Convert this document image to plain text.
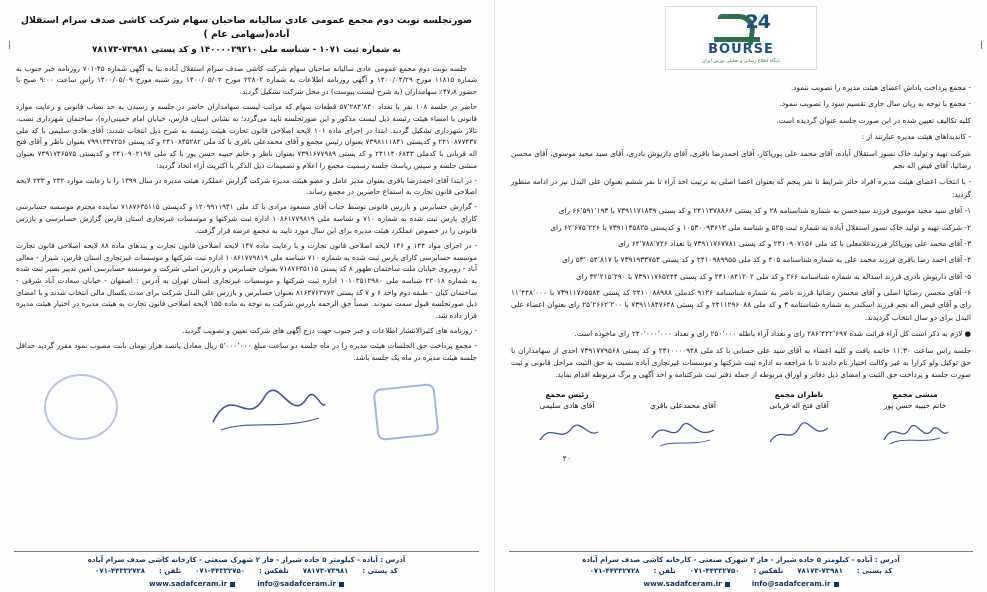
24
BOURSE
پایگاه اطلاع رسانی و تحلیلی بورس ایران
|
- مجمع پرداخت پاداش اعضای هیئت مدیره را تصویب ننمود.
- مجمع با توجه به زیان سال جاری تقسیم سود را تصویب ننمود.
کلیه تکالیف تعیین شده در این صورت جلسه عنوان گردیده است.
- کاندیداهای هیئت مدیره عبارتند از :
شرکت تهیه و تولید خاک نسوز استقلال آباده، آقای محمد علی پورپاکار، آقای احمدرضا باقری، آقای داریوش نادری، آقای سید مجید موسوی، آقای محسن رضائیا، آقای فیض اله نجم
- با انتخاب اعضای هیئت مدیره افراد حائز شرایط تا نفر پنجم که بعنوان اعضا اصلی به ترتیب اخذ آراء تا نفر ششم بعنوان علی البدل نیز در ادامه منظور گردید:
۱- آقای سید مجید موسوی فرزند سیدحسن به شماره شناسنامه ۲۸ و کد پستی ۲۴۱۱۳۷۸۸۶۶ و کد پستی ۷۳۹۱۱۷۱۸۳۹ با ۶۶٬۵۹۱٬۱۹۳ رای
۲- شرکت تهیه و تولید خاک نسوز استقلال آباده به شماره ثبت ۵۲۵ و شناسه ملی ۱۰۵۳۰۰۹۳۶۱۳ و کدپستی ۷۳۹۱۱۳۵۸۲۵ با ۶۲٬۶۷۵٬۲۲۶ رای
۳- آقای محمد علی پورپاکار فرزندغلامعلی با کد ملی ۲۴۱۰۹۰۷۱۵۶ و کد پستی ۷۳۹۱۱۷۶۷۷۸۱ با تعداد ۶۴٬۷۸۸٬۷۲۶ رای
۴- آقای احمد رضا باقری فرزند محمد علی به شماره شناسنامه ۴۰۵ و کد ملی ۲۴۱۰۹۸۹۹۵۵ و کد پستی ۷۳۹۱۹۳۳۷۵۳ با ۵۳٬۰۵۴٬۸۱۷ رای
۵- آقای داریوش نادری فرزند اسداله به شماره شناسنامه ۲۶۶ و کد ملی ۲۴۱۰۸۴۱۲۰۲ و کد پستی ۷۳۹۱۱۷۶۵۲۴۴ با ۳۲٬۲۱۵٬۲۹۰ رای
۶- آقای محسن رضائیا اصلی و آقای محسن رضائیا فرزند ناصر به شماره شناسنامه ۹۱۲۶ کدملی ۲۴۱۰۰۸۸۹۸۸ کد پستی ۷۳۹۱۱۷۶۵۵۸۴ با ۱۱٬۴۴۸٬۰۰۰ رای و آقای فیض اله نجم فرزند اسکندر به شماره شناسنامه ۳ و کد ملی ۲۴۱۱۲۹۶۰۸۸ و کد پستی ۷۳۹۱۱۸۴۷۶۴۸ با ۲۵٬۲۶۶۲٬۲۰۰ رای بعنوان اعضاء علی البدل برای دو سال انتخاب گردیدند.
● لازم به ذکر است کل آراء قرائت شده ۲۸۶٬۴۲۲٬۶۹۷ رای و تعداد آراء باطله ۲۵۰٬۰۰۰ رای و تعداد ۲۴۰٬۰۰۰٬۰۰۰ رای ماخوذه است.
جلسه راس ساعت ۱۱:۳۰ خاتمه یافت و کلیه اعضاء به آقای سید علی حسابی با کد ملی ۲۴۱۰۰۰۰۹۴۸ و کد پستی ۷۳۹۱۷۷۹۵۶۸ احدی از سهامداران با حق توکیل ولو کرارا به غیر وکالت اختیار تام دادند تا با مراجعه به اداره ثبت شرکتها و موسسات غیرتجاری آباده نسبت به حق الثبت مراحل قانونی و ثبت صورت جلسه و پرداخت حق الثبت و امضای ذیل دفاتر و اوراق مربوطه از جمله دفتر ثبت شرکتنامه و اخذ آگهی و برگ مربوطه اقدام نماید.
منشی مجمع
خانم حبیبه حسن پور
ناظران مجمع
آقای فتح اله قربانی
آقای محمدعلی باقری
رئیس مجمع
آقای هادی سلیمی
۴۰
آدرس : آباده - کیلومتر ۵ جاده شیراز - فاز ۲ شهرک صنعتی - کارخانه کاشی صدف سرام آباده
کد پستی :
۷۸۱۷۳-۷۳۹۸۱
تلفکس :
۰۷۱-۴۴۳۳۲۷۵۰
تلفن :
۰۷۱-۴۴۳۳۲۷۲۸
info@sadafceram.ir
www.sadafceram.ir
صورتجلسه نوبت دوم مجمع عمومی عادی سالیانه صاحبان سهام شرکت کاشی صدف سرام استقلال آباده(سهامی عام )
به شماره ثبت ۱۰۷۱ - شناسه ملی ۱۴۰۰۰۰۲۹۲۱۰ و کد پستی ۷۳۹۸۱-۷۸۱۷۳
|
جلسه نوبت دوم مجمع عمومی عادی سالیانه صاحبان سهام شرکت کاشی صدف سرام استقلال آباده بنا به آگهی شماره ۴۵-۷۰۱ روزنامه خبر جنوب به شماره ۱۱۸۱۵ مورخ ۱۴۰۰/۰۴/۲۹ و آگهی روزنامه اطلاعات به شماره ۲۲۸۰۲ مورخ ۱۴۰۰/۰۵/۰۲ روز شنبه مورخ ۱۴۰۰/۰۵/۰۹ راس ساعت ۹:۰۰ صبح با حضور ۴۷٫۸٪ سهامداران (به شرح لیست پیوست) در محل شرکت تشکیل گردید.
حاضر در جلسه ۱۰۸ نفر با تعداد ۵۷٬۲۸۴٬۸۴۰ قطعات سهام که مراتب لیست سهامداران حاضر در جلسه و رسیدن به حد نصاب قانونی و رعایت موارد قانونی با امضاء هیئت رئیسه ذیل لیست مذکور و این صورتجلسه تایید می‌گردد؛ به نشانی استان فارس، خیابان امام خمینی(ره)، ساختمان شهرداری نصب، تالار شهرداری تشکیل گردید. ابتدا در اجرای ماده ۱۰۱ لایحه اصلاحی قانون تجارت هیئت رئیسه به شرح ذیل انتخاب شدند: آقای هادی سلیمی با کد ملی ۲۴۱۰۸۷۷۴۳۷ و کدپستی ۷۳۹۸۱۱۱۸۴۱ بعنوان رئیس مجمع و آقای محمدعلی باقری با کد ملی ۲۴۱۰۸۴۵۲۸۲ و کد پستی ۷۹۹۱۳۳۷۲۵۶ بعنوان ناظر و آقای فتح اله قربانی با کدملی ۲۴۱۱۴۰۶۸۴۳ و کد پستی ۷۳۹۱۶۷۷۹۸۹ بعنوان ناظر و خانم حبیبه حسن پور با کد ملی ۲۴۱۰۹۰۲۱۹۷ و کدپستی ۷۳۹۱۷۴۶۵۷۵ بعنوان منشی جلسه و سپس ریاست جلسه رسمیت مجمع را اعلام و تصمیمات ذیل الذکر با اکثریت آراء اتخاذ گردید:
- در ابتدا آقای احمدرضا باقری بعنوان مدیر عامل و عضو هیئت مدیره شرکت گزارش عملکرد هیئت مدیره در سال ۱۳۹۹ را با رعایت موارد ۲۳۲ و ۲۳۳ لایحه اصلاحی قانون تجارت به استماع حاضرین در مجمع رساند.
- گزارش حسابرس و بازرس قانونی توسط جناب آقای مسعود مرادی با کد ملی ۱۲۰۹۹۱۱۹۴۱ و کدپستی ۷۱۸۷۶۳۵۱۱۵ نماینده محترم موسسه حسابرسی کاراي پارس ثبت شده به شماره ۷۱۰ و شناسه ملی ۱۰۸۶۱۷۷۹۸۱۹ اداره ثبت شرکتها و موسسات غیرتجاری استان فارس گزارش حسابرسی و بازرس قانونی را در خصوص عملکرد هیئت مدیره برای این سال مورد تایید به مجمع عرضه قرار گرفت.
- در اجرای مواد ۱۴۴ و ۱۴۶ لایحه اصلاحی قانون تجارت و با رعایت ماده ۱۴۷ لایحه اصلاحی قانون تجارت و بندهای ماده ۸۸ لایحه اصلاحی قانون تجارت موسسه حسابرسی کارای پارس ثبت شده به شماره ۷۱۰ شناسه ملی ۱۰۸۶۱۷۷۹۸۱۹ اداره ثبت شرکتها و موسسات غیرتجاری استان فارس، شیراز - معالی آباد - روبروی خیابان ملت ساختمان طهور ۸ کد پستی ۷۱۸۷۶۳۵۱۱۵ بعنوان حسابرس و بازرس اصلی شرکت و موسسه حسابرسی امین تدبیر بصیر ثبت شده به شماره ۲۲۰۱۸ شناسه ملی ۱۰۱۰۳۵۱۲۹۸۰ اداره ثبت شرکتها و موسسات غیرتجاری استان تهران به آدرس : اصفهان - خیابان سعادت آباد شرقی - ساختمان کیان - طبقه دوم واحد ۶ و ۷ کد پستی ۸۱۶۴۷۶۳۷۷۲ بعنوان حسابرس و بازرس علی البدل شرکت برای مدت یکسال مالی انتخاب شدند و با امضای ذیل صورتجلسه قبول سمت نمودند. ضمناً حق الزحمه بازرس شرکت به توجه به ماده ۱۵۵ لایحه اصلاحی قانون تجارت به هیئت مدیره در اختیار هیئت مدیره قرار داده شد.
- روزنامه های کثیرالانتشار اطلاعات و خبر جنوب جهت درج آگهی های شرکت تعیین و تصویب گردید.
- مجمع پرداخت حق الجلسات هیئت مدیره را در ماه جلسه دو ساعت مبلغ ۵٬۰۰۰٬۰۰۰ ریال معادل پانصد هزار تومان بابت مصوب نمود مقرر گردید حداقل جلسه هیئت مدیره در ماه یک جلسه باشد.
آدرس : آباده - کیلومتر ۵ جاده شیراز - فاز ۲ شهرک صنعتی - کارخانه کاشی صدف سرام آباده
کد پستی :
۷۸۱۷۳-۷۳۹۸۱
تلفکس :
۰۷۱-۴۴۳۳۲۷۵۰
تلفن :
۰۷۱-۴۴۳۳۲۷۲۸
info@sadafceram.ir
www.sadafceram.ir
